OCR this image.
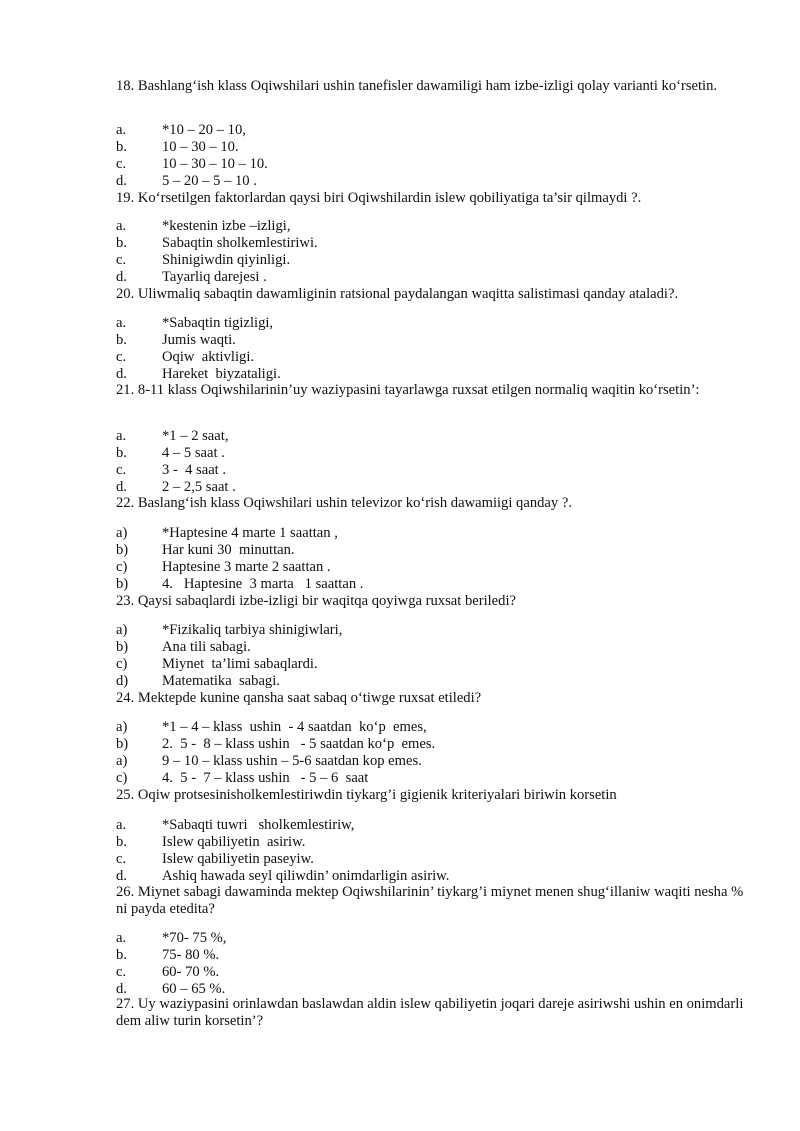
18. Bashlang‘ish klass Oqiwshilari ushin tanefisler dawamiligi ham izbe-izligi qolay varianti ko‘rsetin.
a. *10 – 20 – 10,
b. 10 – 30 – 10.
c. 10 – 30 – 10 – 10.
d. 5 – 20 – 5 – 10 .
19. Ko‘rsetilgen faktorlardan qaysi biri Oqiwshilardin islew qobiliyatiga ta’sir qilmaydi ?.
a. *kestenin izbe –izligi,
b. Sabaqtin sholkemlestiriwi.
c. Shinigiwdin qiyinligi.
d. Tayarliq darejesi .
20. Uliwmaliq sabaqtin dawamliginin ratsional paydalangan waqitta salistimasi qanday ataladi?.
a. *Sabaqtin tigizligi,
b. Jumis waqti.
c. Oqiw  aktivligi.
d. Hareket  biyzataligi.
21. 8-11 klass Oqiwshilarinin’uy waziypasini tayarlawga ruxsat etilgen normaliq waqitin ko‘rsetin’:
a. *1 – 2 saat,
b. 4 – 5 saat .
c. 3 -  4 saat .
d. 2 – 2,5 saat .
22. Baslang‘ish klass Oqiwshilari ushin televizor ko‘rish dawamiigi qanday ?.
a) *Haptesine 4 marte 1 saattan ,
b) Har kuni 30  minuttan.
c) Haptesine 3 marte 2 saattan .
b) 4.   Haptesine  3 marta   1 saattan .
23. Qaysi sabaqlardi izbe-izligi bir waqitqa qoyiwga ruxsat beriledi?
a) *Fizikaliq tarbiya shinigiwlari,
b) Ana tili sabagi.
c) Miynet  ta’limi sabaqlardi.
d) Matematika  sabagi.
24. Mektepde kunine qansha saat sabaq o‘tiwge ruxsat etiledi?
a) *1 – 4 – klass  ushin  - 4 saatdan  ko‘p  emes,
b) 2.  5 -  8 – klass ushin   - 5 saatdan ko‘p  emes.
a) 9 – 10 – klass ushin – 5-6 saatdan kop emes.
c) 4.  5 -  7 – klass ushin   - 5 – 6  saat
25. Oqiw protsesinisholkemlestiriwdin tiykarg’i gigienik kriteriyalari biriwin korsetin
a. *Sabaqti tuwri   sholkemlestiriw,
b. Islew qabiliyetin  asiriw.
c. Islew qabiliyetin paseyiw.
d. Ashiq hawada seyl qiliwdin’ onimdarligin asiriw.
26. Miynet sabagi dawaminda mektep Oqiwshilarinin’ tiykarg’i miynet menen shug‘illaniw waqiti nesha % ni payda etedita?
a. *70- 75 %,
b. 75- 80 %.
c. 60- 70 %.
d. 60 – 65 %.
27. Uy waziypasini orinlawdan baslawdan aldin islew qabiliyetin joqari dareje asiriwshi ushin en onimdarli dem aliw turin korsetin’?
